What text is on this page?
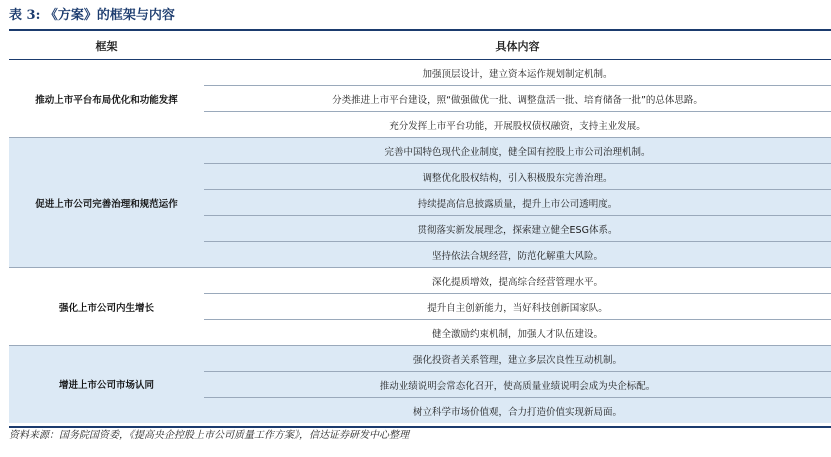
表 3: 《方案》的框架与内容
框架	具体内容
推动上市平台布局优化和功能发挥	加强顶层设计，建立资本运作规划制定机制。
	分类推进上市平台建设，照“做强做优一批、调整盘活一批、培育储备一批”的总体思路。
	充分发挥上市平台功能，开展股权债权融资，支持主业发展。
促进上市公司完善治理和规范运作	完善中国特色现代企业制度，健全国有控股上市公司治理机制。
	调整优化股权结构，引入积极股东完善治理。
	持续提高信息披露质量，提升上市公司透明度。
	贯彻落实新发展理念，探索建立健全ESG体系。
	坚持依法合规经营，防范化解重大风险。
强化上市公司内生增长	深化提质增效，提高综合经营管理水平。
	提升自主创新能力，当好科技创新国家队。
	健全激励约束机制，加强人才队伍建设。
增进上市公司市场认同	强化投资者关系管理，建立多层次良性互动机制。
	推动业绩说明会常态化召开，使高质量业绩说明会成为央企标配。
	树立科学市场价值观，合力打造价值实现新局面。
资料来源：国务院国资委，《提高央企控股上市公司质量工作方案》，信达证券研发中心整理
